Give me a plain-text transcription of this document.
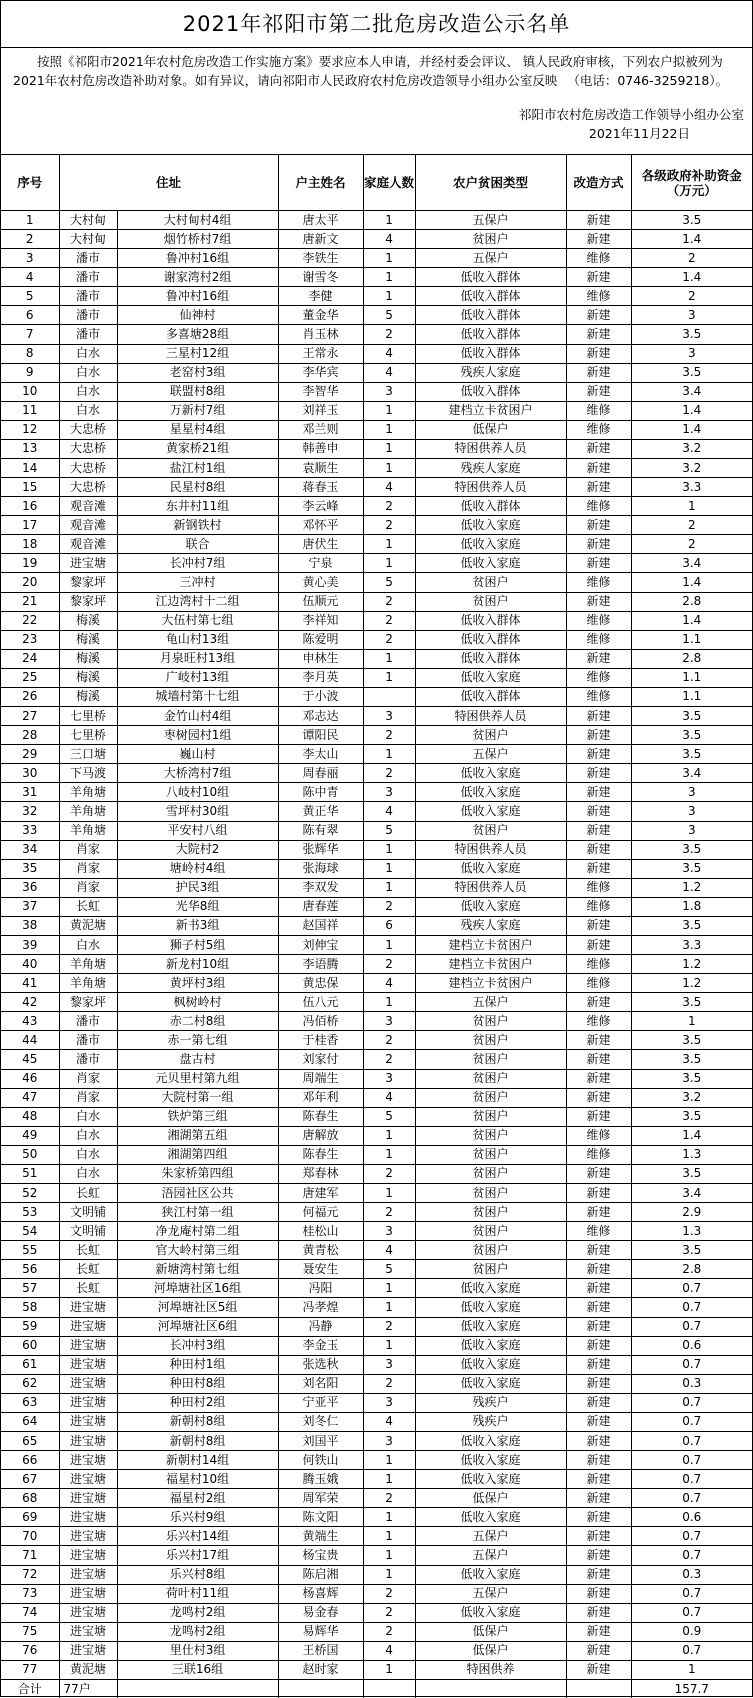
2021年祁阳市第二批危房改造公示名单
按照《祁阳市2021年农村危房改造工作实施方案》要求应本人申请，并经村委会评议、 镇人民政府审核，下列农户拟被列为2021年农村危房改造补助对象。如有异议，请向祁阳市人民政府农村危房改造领导小组办公室反映 （电话：0746-3259218）。
祁阳市农村危房改造工作领导小组办公室
2021年11月22日
序号	住址		户主姓名	家庭人数	农户贫困类型	改造方式	各级政府补助资金（万元）
1	大村甸	大村甸村4组	唐太平	1	五保户	新建	3.5
2	大村甸	烟竹桥村7组	唐新文	4	贫困户	新建	1.4
3	潘市	鲁冲村16组	李铁生	1	五保户	维修	2
4	潘市	谢家湾村2组	谢雪冬	1	低收入群体	新建	1.4
5	潘市	鲁冲村16组	李健	1	低收入群体	维修	2
6	潘市	仙神村	董金华	5	低收入群体	新建	3
7	潘市	多喜塘28组	肖玉林	2	低收入群体	新建	3.5
8	白水	三星村12组	王常永	4	低收入群体	新建	3
9	白水	老窑村3组	李华宾	4	残疾人家庭	新建	3.5
10	白水	联盟村8组	李智华	3	低收入群体	新建	3.4
11	白水	万新村7组	刘祥玉	1	建档立卡贫困户	维修	1.4
12	大忠桥	星星村4组	邓兰则	1	低保户	维修	1.4
13	大忠桥	黄家桥21组	韩善申	1	特困供养人员	新建	3.2
14	大忠桥	盐江村1组	袁顺生	1	残疾人家庭	新建	3.2
15	大忠桥	民星村8组	蒋春玉	4	特困供养人员	新建	3.3
16	观音滩	东井村11组	李云峰	2	低收入群体	维修	1
17	观音滩	新钢铁村	邓怀平	2	低收入家庭	新建	2
18	观音滩	联合	唐伏生	1	低收入家庭	新建	2
19	进宝塘	长冲村7组	宁泉	1	低收入家庭	新建	3.4
20	黎家坪	三冲村	黄心美	5	贫困户	维修	1.4
21	黎家坪	江边湾村十二组	伍顺元	2	贫困户	新建	2.8
22	梅溪	大伍村第七组	李祥知	2	低收入群体	维修	1.4
23	梅溪	龟山村13组	陈爱明	2	低收入群体	维修	1.1
24	梅溪	月泉旺村13组	申林生	1	低收入群体	新建	2.8
25	梅溪	广岐村13组	李月英	1	低收入家庭	维修	1.1
26	梅溪	城墙村第十七组	于小波		低收入群体	维修	1.1
27	七里桥	金竹山村4组	邓志达	3	特困供养人员	新建	3.5
28	七里桥	枣树园村1组	谭阳民	2	贫困户	新建	3.5
29	三口塘	巍山村	李太山	1	五保户	新建	3.5
30	下马渡	大桥湾村7组	周春丽	2	低收入家庭	新建	3.4
31	羊角塘	八岐村10组	陈中青	3	低收入家庭	新建	3
32	羊角塘	雪坪村30组	黄正华	4	低收入家庭	新建	3
33	羊角塘	平安村八组	陈有翠	5	贫困户	新建	3
34	肖家	大院村2	张辉华	1	特困供养人员	新建	3.5
35	肖家	塘岭村4组	张海球	1	低收入家庭	新建	3.5
36	肖家	护民3组	李双发	1	特困供养人员	维修	1.2
37	长虹	光华8组	唐春莲	2	低收入家庭	维修	1.8
38	黄泥塘	新书3组	赵国祥	6	残疾人家庭	新建	3.5
39	白水	狮子村5组	刘伸宝	1	建档立卡贫困户	新建	3.3
40	羊角塘	新龙村10组	李语腾	2	建档立卡贫困户	维修	1.2
41	羊角塘	黄坪村3组	黄忠保	4	建档立卡贫困户	维修	1.2
42	黎家坪	枫树岭村	伍八元	1	五保户	新建	3.5
43	潘市	赤二村8组	冯佰桥	3	贫困户	维修	1
44	潘市	赤一第七组	于桂香	2	贫困户	新建	3.5
45	潘市	盘古村	刘家付	2	贫困户	新建	3.5
46	肖家	元贝里村第九组	周端生	3	贫困户	新建	3.5
47	肖家	大院村第一组	邓年利	4	贫困户	新建	3.2
48	白水	铁炉第三组	陈春生	5	贫困户	新建	3.5
49	白水	湘湖第五组	唐解放	1	贫困户	维修	1.4
50	白水	湘湖第四组	陈春生	1	贫困户	维修	1.3
51	白水	朱家桥第四组	郑春林	2	贫困户	新建	3.5
52	长虹	浯园社区公共	唐建军	1	贫困户	新建	3.4
53	文明铺	狭江村第一组	何福元	2	贫困户	新建	2.9
54	文明铺	净龙庵村第二组	桂松山	3	贫困户	维修	1.3
55	长虹	官大岭村第三组	黄青松	4	贫困户	新建	3.5
56	长虹	新塘湾村第七组	聂安生	5	贫困户	新建	2.8
57	长虹	河埠塘社区16组	冯阳	1	低收入家庭	新建	0.7
58	进宝塘	河埠塘社区5组	冯孝煌	1	低收入家庭	新建	0.7
59	进宝塘	河埠塘社区6组	冯静	2	低收入家庭	新建	0.7
60	进宝塘	长冲村3组	李金玉	1	低收入家庭	新建	0.6
61	进宝塘	种田村1组	张选秋	3	低收入家庭	新建	0.7
62	进宝塘	种田村8组	刘名阳	2	低收入家庭	新建	0.3
63	进宝塘	种田村2组	宁亚平	3	残疾户	新建	0.7
64	进宝塘	新朝村8组	刘冬仁	4	残疾户	新建	0.7
65	进宝塘	新朝村8组	刘国平	3	低收入家庭	新建	0.7
66	进宝塘	新朝村14组	何铁山	1	低收入家庭	新建	0.7
67	进宝塘	福星村10组	腾玉娥	1	低收入家庭	新建	0.7
68	进宝塘	福星村2组	周军荣	2	低保户	新建	0.7
69	进宝塘	乐兴村9组	陈文阳	1	低收入家庭	新建	0.6
70	进宝塘	乐兴村14组	黄端生	1	五保户	新建	0.7
71	进宝塘	乐兴村17组	杨宝贵	1	五保户	新建	0.7
72	进宝塘	乐兴村8组	陈启湘	1	低收入家庭	新建	0.3
73	进宝塘	荷叶村11组	杨喜辉	2	五保户	新建	0.7
74	进宝塘	龙鸣村2组	易金春	2	低收入家庭	新建	0.7
75	进宝塘	龙鸣村2组	易辉华	2	低保户	新建	0.9
76	进宝塘	里仕村3组	王桥国	4	低保户	新建	0.7
77	黄泥塘	三联16组	赵时家	1	特困供养	新建	1
合计	77户						157.7
